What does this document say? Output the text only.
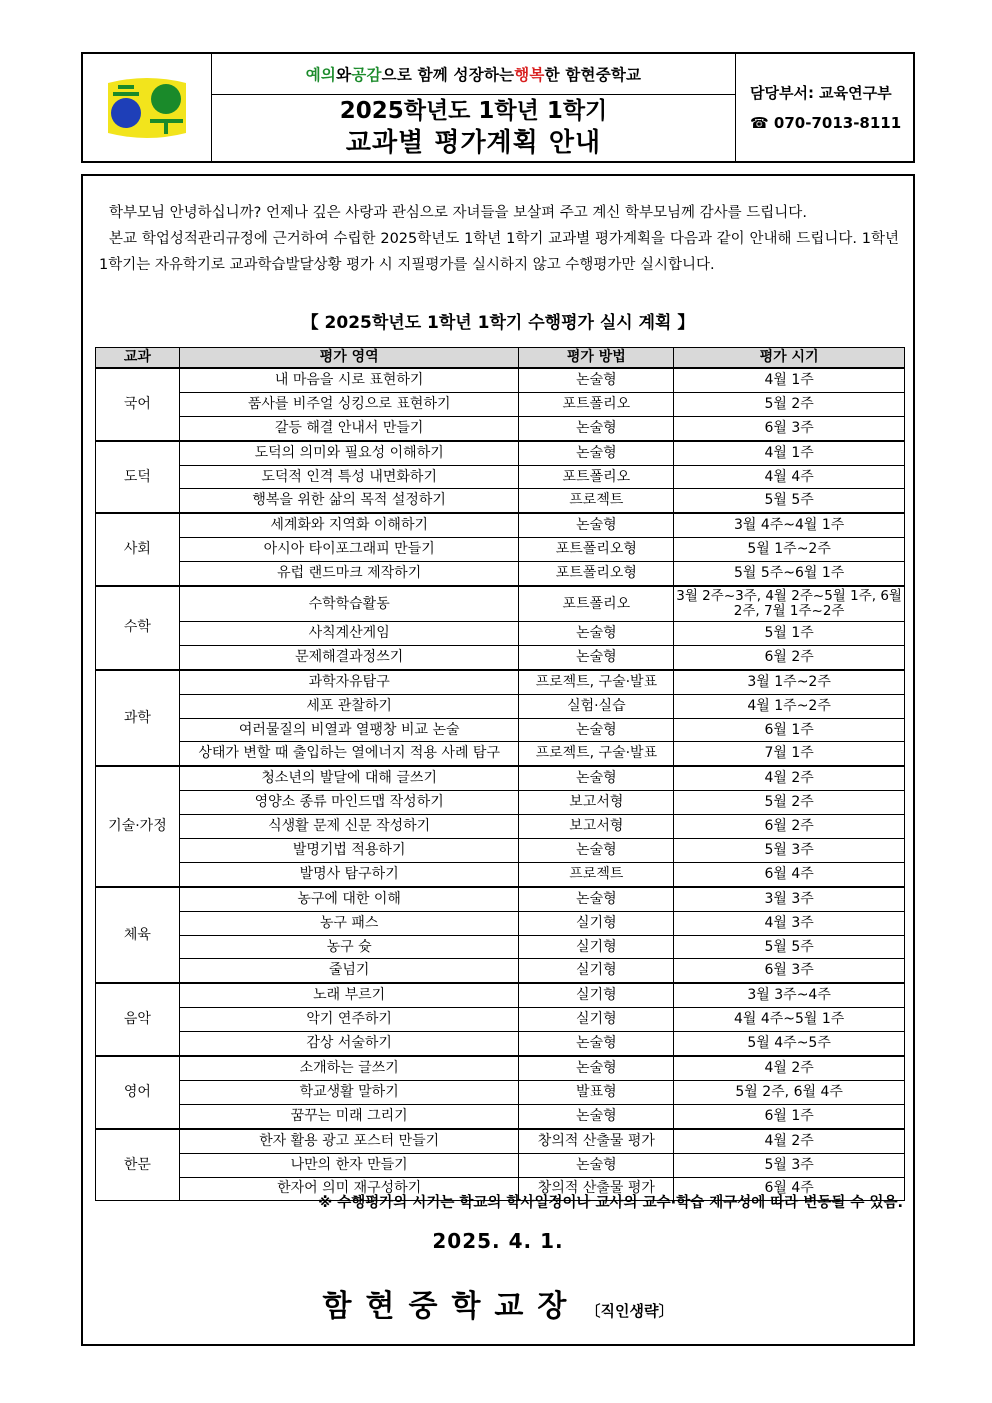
예의 와 공감 으로 함께 성장하는 행복 한 함현중학교
2025학년도 1학년 1학기
교과별 평가계획 안내
담당부서: 교육연구부
☎ 070-7013-8111

학부모님 안녕하십니까? 언제나 깊은 사랑과 관심으로 자녀들을 보살펴 주고 계신 학부모님께 감사를 드립니다.

본교 학업성적관리규정에 근거하여 수립한 2025학년도 1학년 1학기 교과별 평가계획을 다음과 같이 안내해 드립니다. 1학년 1학기는 자유학기로 교과학습발달상황 평가 시 지필평가를 실시하지 않고 수행평가만 실시합니다.

【 2025학년도 1학년 1학기 수행평가 실시 계획 】
교과	평가 영역	평가 방법	평가 시기
국어	내 마음을 시로 표현하기	논술형	4월 1주
	품사를 비주얼 싱킹으로 표현하기	포트폴리오	5월 2주
	갈등 해결 안내서 만들기	논술형	6월 3주
도덕	도덕의 의미와 필요성 이해하기	논술형	4월 1주
	도덕적 인격 특성 내면화하기	포트폴리오	4월 4주
	행복을 위한 삶의 목적 설정하기	프로젝트	5월 5주
사회	세계화와 지역화 이해하기	논술형	3월 4주~4월 1주
	아시아 타이포그래피 만들기	포트폴리오형	5월 1주~2주
	유럽 랜드마크 제작하기	포트폴리오형	5월 5주~6월 1주
수학	수학학습활동	포트폴리오	3월 2주~3주, 4월 2주~5월 1주, 6월 2주, 7월 1주~2주
	사칙계산게임	논술형	5월 1주
	문제해결과정쓰기	논술형	6월 2주
과학	과학자유탐구	프로젝트, 구술·발표	3월 1주~2주
	세포 관찰하기	실험·실습	4월 1주~2주
	여러물질의 비열과 열팽창 비교 논술	논술형	6월 1주
	상태가 변할 때 출입하는 열에너지 적용 사례 탐구	프로젝트, 구술·발표	7월 1주
기술·가정	청소년의 발달에 대해 글쓰기	논술형	4월 2주
	영양소 종류 마인드맵 작성하기	보고서형	5월 2주
	식생활 문제 신문 작성하기	보고서형	6월 2주
	발명기법 적용하기	논술형	5월 3주
	발명사 탐구하기	프로젝트	6월 4주
체육	농구에 대한 이해	논술형	3월 3주
	농구 패스	실기형	4월 3주
	농구 슛	실기형	5월 5주
	줄넘기	실기형	6월 3주
음악	노래 부르기	실기형	3월 3주~4주
	악기 연주하기	실기형	4월 4주~5월 1주
	감상 서술하기	논술형	5월 4주~5주
영어	소개하는 글쓰기	논술형	4월 2주
	학교생활 말하기	발표형	5월 2주, 6월 4주
	꿈꾸는 미래 그리기	논술형	6월 1주
한문	한자 활용 광고 포스터 만들기	창의적 산출물 평가	4월 2주
	나만의 한자 만들기	논술형	5월 3주
	한자어 의미 재구성하기	창의적 산출물 평가	6월 4주
※ 수행평가의 시기는 학교의 학사일정이나 교사의 교수·학습 재구성에 따라 변동될 수 있음.
2025. 4. 1.
함현중학교장 〔직인생략〕
